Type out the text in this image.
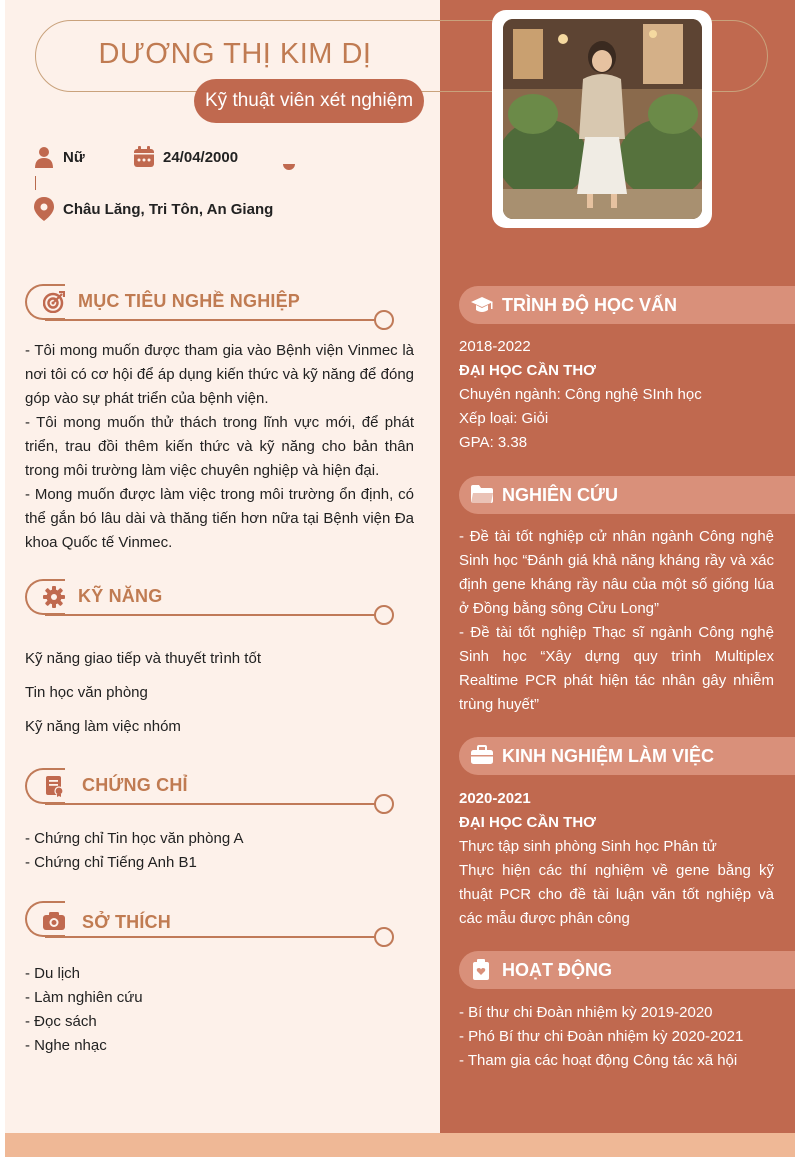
DƯƠNG THỊ KIM DỊ
Kỹ thuật viên xét nghiệm
Nữ	24/04/2000
Châu Lăng, Tri Tôn, An Giang
MỤC TIÊU NGHỀ NGHIỆP
- Tôi mong muốn được tham gia vào Bệnh viện Vinmec là nơi tôi có cơ hội để áp dụng kiến thức và kỹ năng để đóng góp vào sự phát triển của bệnh viện.
- Tôi mong muốn thử thách trong lĩnh vực mới, để phát triển, trau đồi thêm kiến thức và kỹ năng cho bản thân trong môi trường làm việc chuyên nghiệp và hiện đại.
- Mong muốn được làm việc trong môi trường ổn định, có thể gắn bó lâu dài và thăng tiến hơn nữa tại Bệnh viện Đa khoa Quốc tế Vinmec.
KỸ NĂNG
Kỹ năng giao tiếp và thuyết trình tốt
Tin học văn phòng
Kỹ năng làm việc nhóm
CHỨNG CHỈ
- Chứng chỉ Tin học văn phòng A
- Chứng chỉ Tiếng Anh B1
SỞ THÍCH
- Du lịch
- Làm nghiên cứu
- Đọc sách
- Nghe nhạc
TRÌNH ĐỘ HỌC VẤN
2018-2022
ĐẠI HỌC CẦN THƠ
Chuyên ngành: Công nghệ SInh học
Xếp loại: Giỏi
GPA: 3.38
NGHIÊN CỨU
- Đề tài tốt nghiệp cử nhân ngành Công nghệ Sinh học “Đánh giá khả năng kháng rầy và xác định gene kháng rầy nâu của một số giống lúa ở Đồng bằng sông Cửu Long”
- Đề tài tốt nghiệp Thạc sĩ ngành Công nghệ Sinh học “Xây dựng quy trình Multiplex Realtime PCR phát hiện tác nhân gây nhiễm trùng huyết”
KINH NGHIỆM LÀM VIỆC
2020-2021
ĐẠI HỌC CẦN THƠ
Thực tập sinh phòng Sinh học Phân tử
Thực hiện các thí nghiệm về gene bằng kỹ thuật PCR cho đề tài luận văn tốt nghiệp và các mẫu được phân công
HOẠT ĐỘNG
- Bí thư chi Đoàn nhiệm kỳ 2019-2020
- Phó Bí thư chi Đoàn nhiệm kỳ 2020-2021
- Tham gia các hoạt động Công tác xã hội
